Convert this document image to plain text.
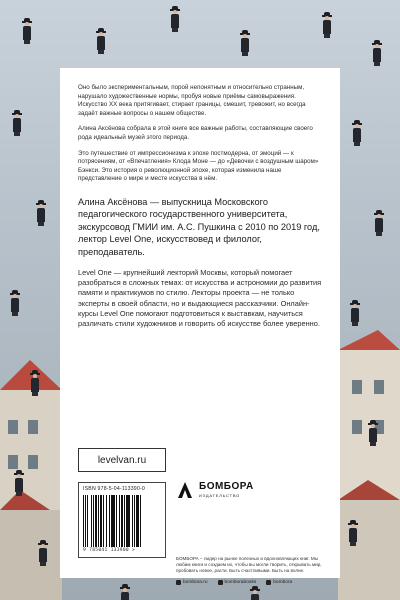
Оно было экспериментальным, порой непонятным и относительно странным, нарушало художественные нормы, пробуя новые приёмы самовыражения. Искусство XX века притягивает, стирает границы, смешит, тревожит, но всегда задаёт важные вопросы о нашем обществе.

Алина Аксёнова собрала в этой книге все важные работы, составляющие своего рода идеальный музей этого периода.

Это путешествие от импрессионизма к эпохе постмодерна, от эмоций — к потрясениям, от «Впечатления» Клода Моне — до «Девочки с воздушным шаром» Бэнкси. Это история о революционной эпохе, которая изменила наше представление о мире и месте искусства в нём.

Алина Аксёнова — выпускница Московского педагогического государственного университета, экскурсовод ГМИИ им. А.С. Пушкина с 2010 по 2019 год, лектор Level One, искусствовед и филолог, преподаватель.

Level One — крупнейший лекторий Москвы, который помогает разобраться в сложных темах: от искусства и астрономии до развития памяти и практикумов по стилю. Лекторы проекта — не только эксперты в своей области, но и выдающиеся рассказчики. Онлайн-курсы Level One помогают подготовиться к выставкам, научиться различать стили художников и говорить об искусстве более уверенно.

levelvan.ru
ISBN 978-5-04-113390-0
9 785041 133900 >
БОМБОРА
ИЗДАТЕЛЬСТВО
БОМБОРА – лидер на рынке полезных и вдохновляющих книг. Мы любим книги и создаем их, чтобы вы могли творить, открывать мир, пробовать новое, расти. Быть счастливыми. Быть на волне.
bombora.ru	bomborabooks	bombora
